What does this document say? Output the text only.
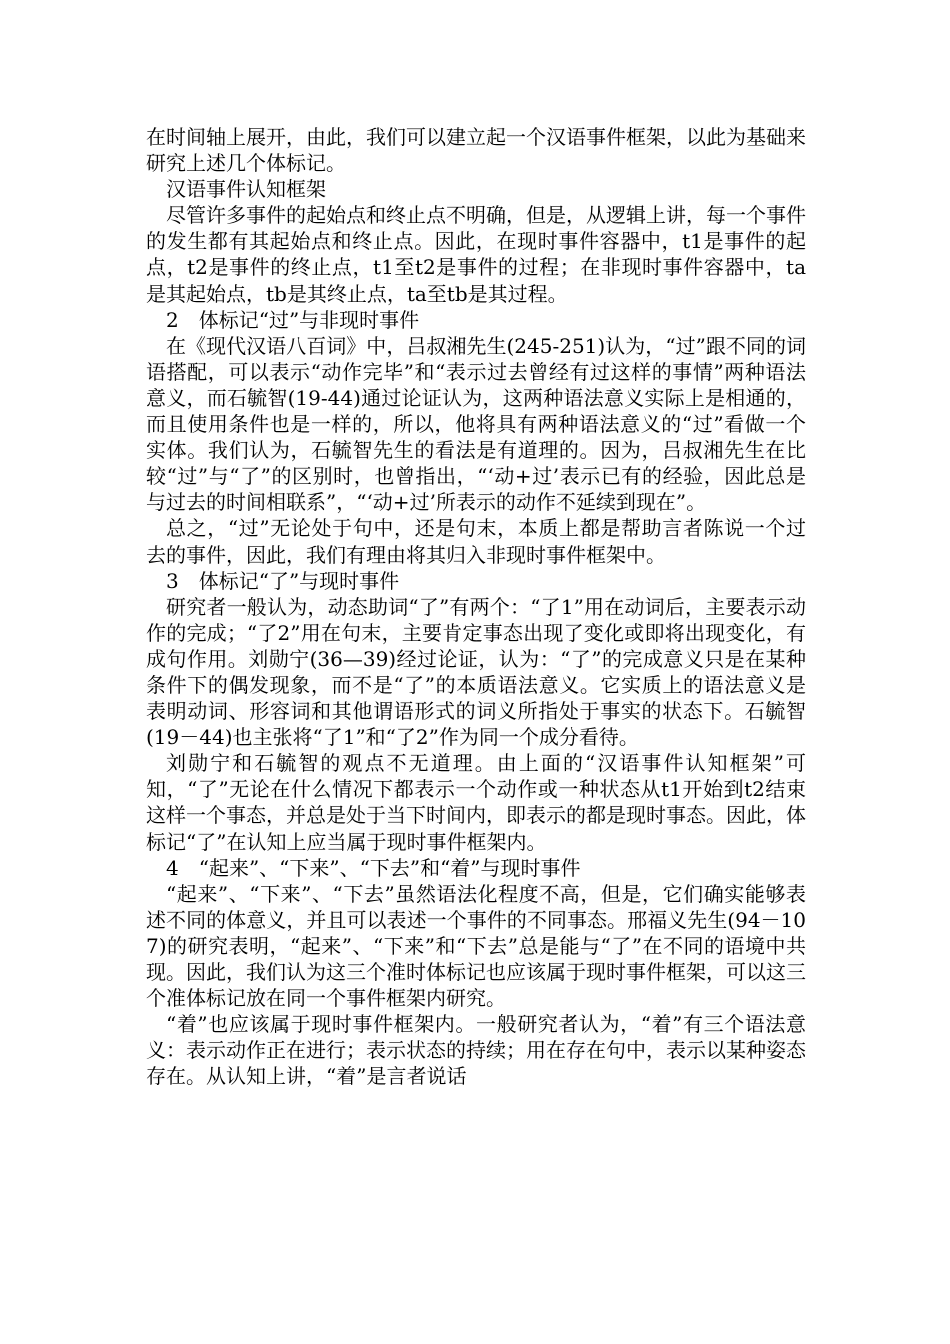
在时间轴上展开，由此，我们可以建立起一个汉语事件框架，以此为基础来研究上述几个体标记。

汉语事件认知框架

尽管许多事件的起始点和终止点不明确，但是，从逻辑上讲，每一个事件的发生都有其起始点和终止点。因此，在现时事件容器中，t1是事件的起点，t2是事件的终止点，t1至t2是事件的过程；在非现时事件容器中，ta是其起始点，tb是其终止点，ta至tb是其过程。

2　体标记“过”与非现时事件

在《现代汉语八百词》中，吕叔湘先生(245-251)认为，“过”跟不同的词语搭配，可以表示“动作完毕”和“表示过去曾经有过这样的事情”两种语法意义，而石毓智(19-44)通过论证认为，这两种语法意义实际上是相通的，而且使用条件也是一样的，所以，他将具有两种语法意义的“过”看做一个实体。我们认为，石毓智先生的看法是有道理的。因为，吕叔湘先生在比较“过”与“了”的区别时，也曾指出，“‘动+过’表示已有的经验，因此总是与过去的时间相联系”，“‘动+过’所表示的动作不延续到现在”。

总之，“过”无论处于句中，还是句末，本质上都是帮助言者陈说一个过去的事件，因此，我们有理由将其归入非现时事件框架中。

3　体标记“了”与现时事件

研究者一般认为，动态助词“了”有两个：“了1”用在动词后，主要表示动作的完成；“了2”用在句末，主要肯定事态出现了变化或即将出现变化，有成句作用。刘勋宁(36—39)经过论证，认为：“了”的完成意义只是在某种条件下的偶发现象，而不是“了”的本质语法意义。它实质上的语法意义是表明动词、形容词和其他谓语形式的词义所指处于事实的状态下。石毓智(19－44)也主张将“了1”和“了2”作为同一个成分看待。

刘勋宁和石毓智的观点不无道理。由上面的“汉语事件认知框架”可知，“了”无论在什么情况下都表示一个动作或一种状态从t1开始到t2结束这样一个事态，并总是处于当下时间内，即表示的都是现时事态。因此，体标记“了”在认知上应当属于现时事件框架内。

4　“起来”、“下来”、“下去”和“着”与现时事件

“起来”、“下来”、“下去”虽然语法化程度不高，但是，它们确实能够表述不同的体意义，并且可以表述一个事件的不同事态。邢福义先生(94－107)的研究表明，“起来”、“下来”和“下去”总是能与“了”在不同的语境中共现。因此，我们认为这三个准时体标记也应该属于现时事件框架，可以这三个准体标记放在同一个事件框架内研究。

“着”也应该属于现时事件框架内。一般研究者认为，“着”有三个语法意义：表示动作正在进行；表示状态的持续；用在存在句中，表示以某种姿态存在。从认知上讲，“着”是言者说话
